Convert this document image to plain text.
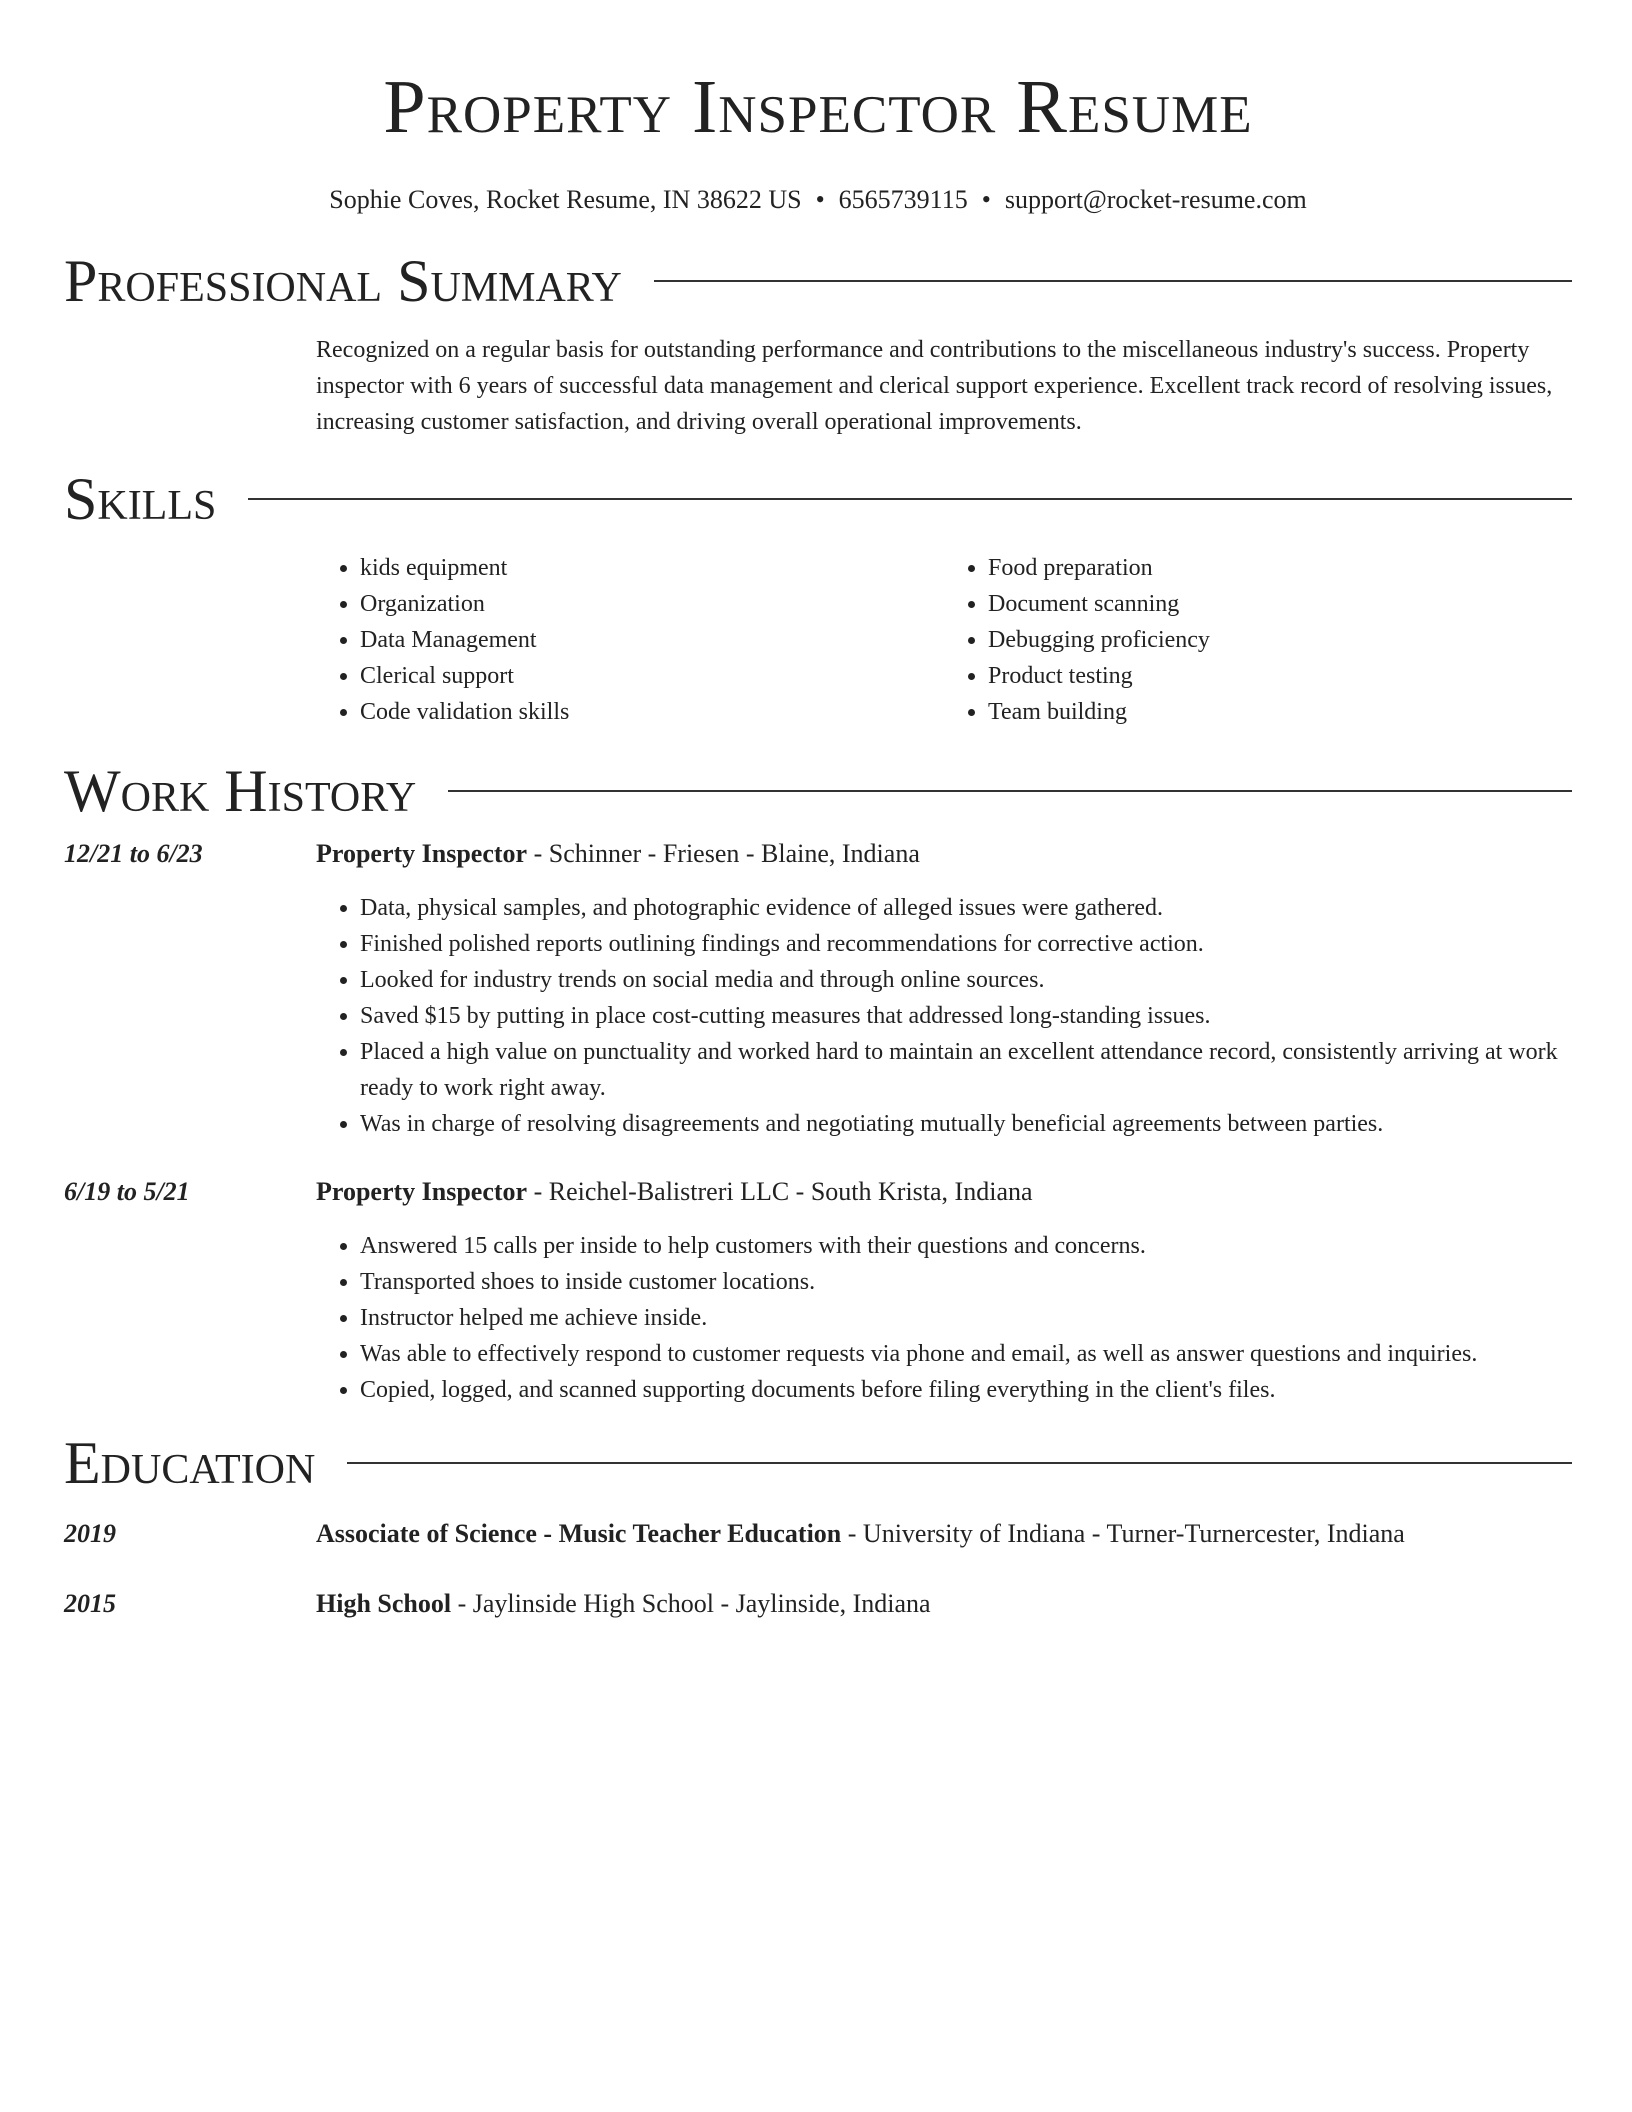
Property Inspector Resume
Sophie Coves, Rocket Resume, IN 38622 US • 6565739115 • support@rocket-resume.com
Professional Summary

Recognized on a regular basis for outstanding performance and contributions to the miscellaneous industry's success. Property inspector with 6 years of successful data management and clerical support experience. Excellent track record of resolving issues, increasing customer satisfaction, and driving overall operational improvements.

Skills
• kids equipment
• Organization
• Data Management
• Clerical support
• Code validation skills
• Food preparation
• Document scanning
• Debugging proficiency
• Product testing
• Team building
Work History
12/21 to 6/23	Property Inspector - Schinner - Friesen - Blaine, Indiana
• Data, physical samples, and photographic evidence of alleged issues were gathered.
• Finished polished reports outlining findings and recommendations for corrective action.
• Looked for industry trends on social media and through online sources.
• Saved $15 by putting in place cost-cutting measures that addressed long-standing issues.
• Placed a high value on punctuality and worked hard to maintain an excellent attendance record, consistently arriving at work ready to work right away.
• Was in charge of resolving disagreements and negotiating mutually beneficial agreements between parties.
6/19 to 5/21	Property Inspector - Reichel-Balistreri LLC - South Krista, Indiana
• Answered 15 calls per inside to help customers with their questions and concerns.
• Transported shoes to inside customer locations.
• Instructor helped me achieve inside.
• Was able to effectively respond to customer requests via phone and email, as well as answer questions and inquiries.
• Copied, logged, and scanned supporting documents before filing everything in the client's files.
Education
2019	Associate of Science - Music Teacher Education - University of Indiana - Turner-Turnercester, Indiana
2015	High School - Jaylinside High School - Jaylinside, Indiana
